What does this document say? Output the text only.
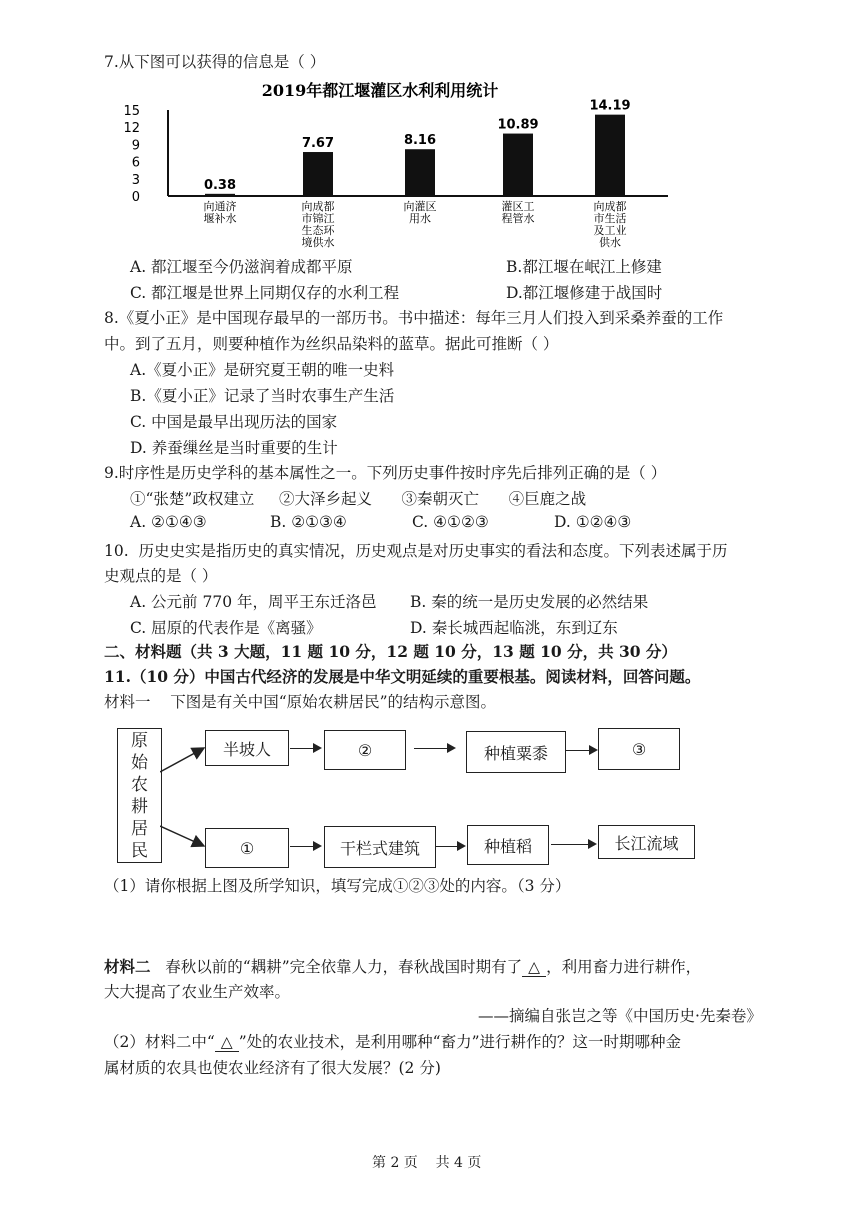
7.从下图可以获得的信息是（ ）
2019年都江堰灌区水利利用统计
15
12
9
6
3
0
0.38
7.67	8.16
10.89
14.19
向通济
堰补水
向成都
市锦江
生态环
境供水
向灌区
用水
灌区工
程管水
向成都
市生活
及工业
供水
A. 都江堰至今仍滋润着成都平原	B.都江堰在岷江上修建
C. 都江堰是世界上同期仅存的水利工程	D.都江堰修建于战国时
8.《夏小正》是中国现存最早的一部历书。书中描述：每年三月人们投入到采桑养蚕的工作
中。到了五月，则要种植作为丝织品染料的蓝草。据此可推断（ ）
A.《夏小正》是研究夏王朝的唯一史料
B.《夏小正》记录了当时农事生产生活
C. 中国是最早出现历法的国家
D. 养蚕缫丝是当时重要的生计
9.时序性是历史学科的基本属性之一。下列历史事件按时序先后排列正确的是（ ）
①“张楚”政权建立     ②大泽乡起义      ③秦朝灭亡      ④巨鹿之战
A. ②①④③	B. ②①③④	C. ④①②③	D. ①②④③
10.  历史史实是指历史的真实情况，历史观点是对历史事实的看法和态度。下列表述属于历
史观点的是（ ）
A. 公元前 770 年，周平王东迁洛邑 B. 秦的统一是历史发展的必然结果
C. 屈原的代表作是《离骚》	D. 秦长城西起临洮，东到辽东
二、材料题（共 3 大题，11 题 10 分，12 题 10 分，13 题 10 分，共 30 分）
11.（10 分）中国古代经济的发展是中华文明延续的重要根基。阅读材料，回答问题。
材料一    下图是有关中国“原始农耕居民”的结构示意图。
原
始
农
耕
居
民
半坡人	②	种植粟黍	③
①	干栏式建筑	种植稻	长江流域
（1）请你根据上图及所学知识，填写完成①②③处的内容。（3 分）
材料二 春秋以前的“耦耕”完全依靠人力，春秋战国时期有了 △ ，利用畜力进行耕作，
大大提高了农业生产效率。
——摘编自张岂之等《中国历史·先秦卷》
（2）材料二中“ △ ”处的农业技术，是利用哪种“畜力”进行耕作的？这一时期哪种金
属材质的农具也使农业经济有了很大发展？(2 分)
第 2 页    共 4 页
